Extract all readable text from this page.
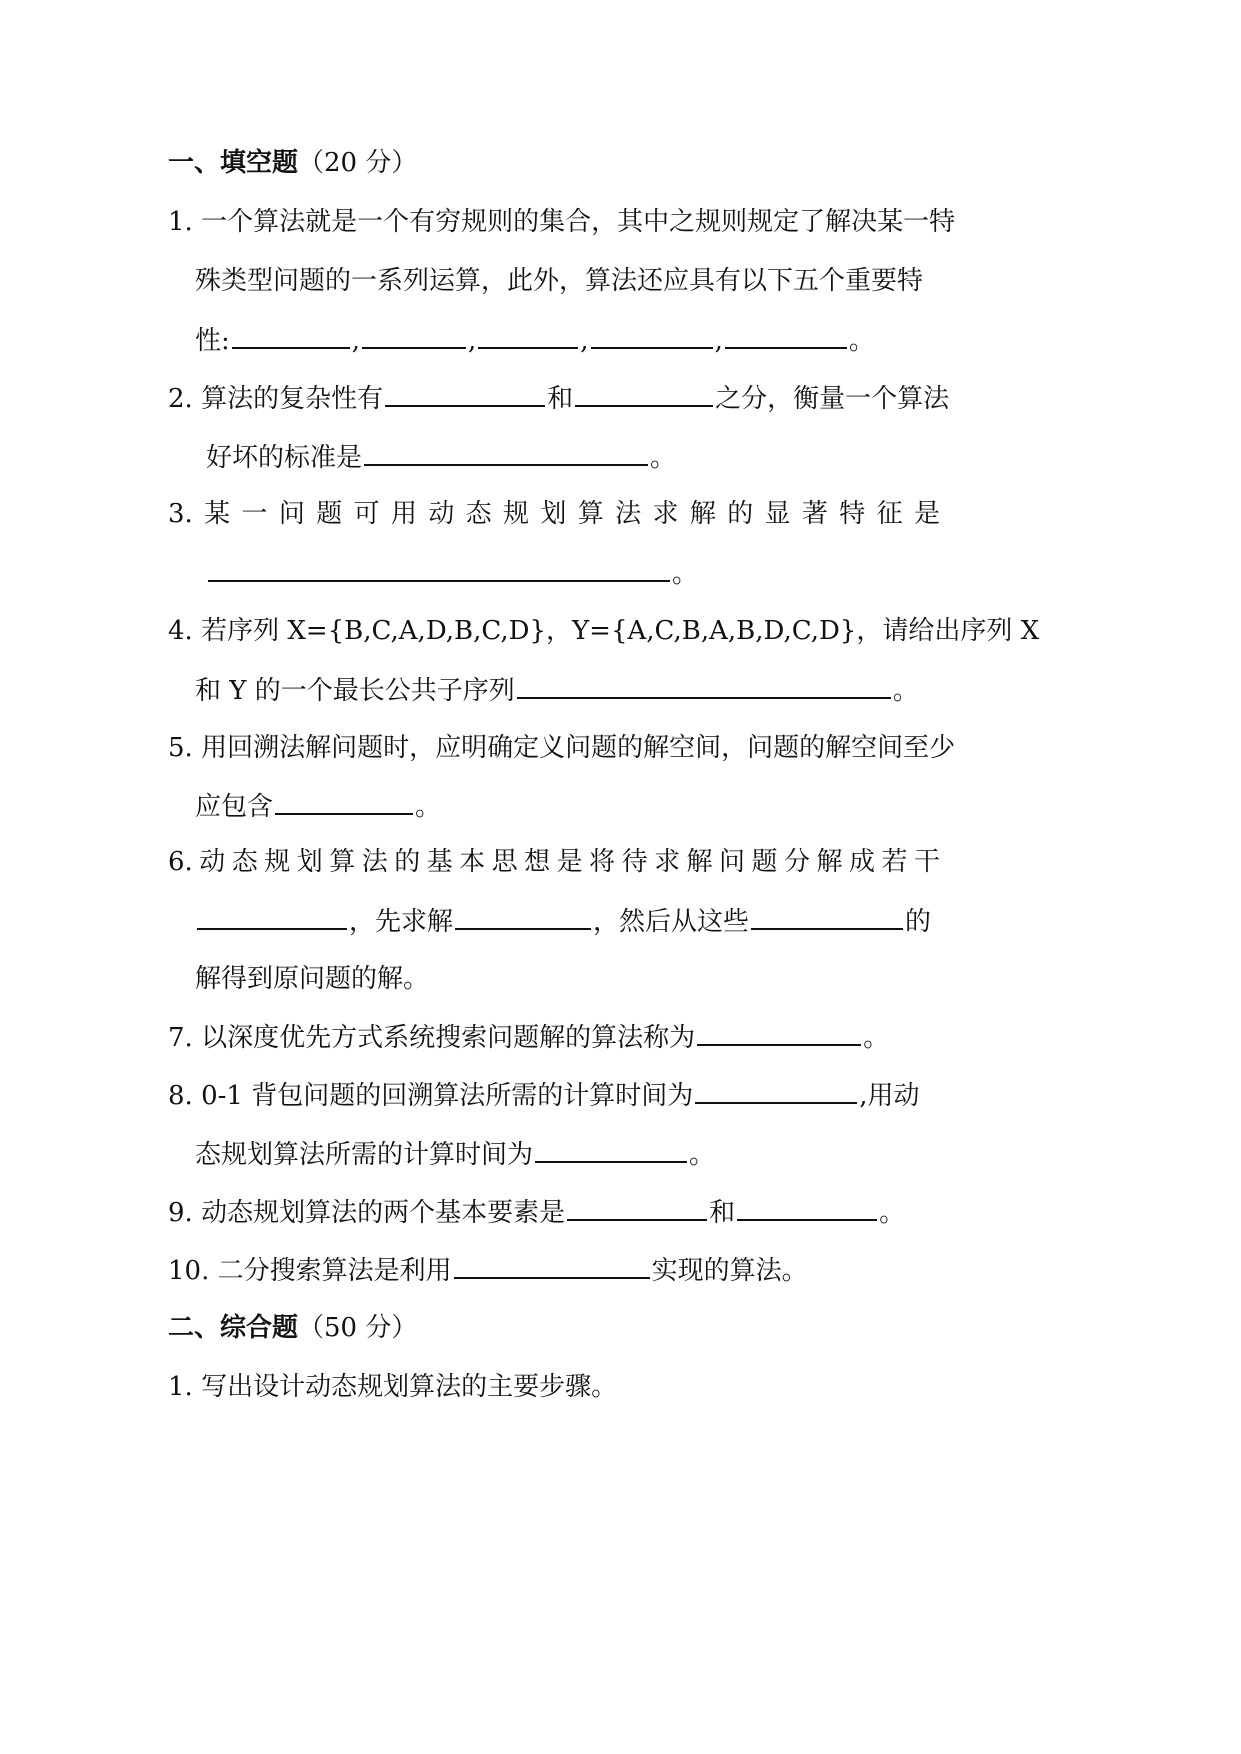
一、填空题（20 分）
1. 一个算法就是一个有穷规则的集合，其中之规则规定了解决某一特
殊类型问题的一系列运算，此外，算法还应具有以下五个重要特
性:	,	,	,	,	。
2. 算法的复杂性有	和	之分，衡量一个算法
好坏的标准是	。
3. 某 一 问 题 可 用 动 态 规 划 算 法 求 解 的 显 著 特 征 是
。
4. 若序列 X={B,C,A,D,B,C,D}，Y={A,C,B,A,B,D,C,D}，请给出序列 X
和 Y 的一个最长公共子序列	。
5. 用回溯法解问题时，应明确定义问题的解空间，问题的解空间至少
应包含	。
6. 动 态 规 划 算 法 的 基 本 思 想 是 将 待 求 解 问 题 分 解 成 若 干
，先求解	，然后从这些	的
解得到原问题的解。
7. 以深度优先方式系统搜索问题解的算法称为	。
8. 0-1 背包问题的回溯算法所需的计算时间为	,用动
态规划算法所需的计算时间为	。
9. 动态规划算法的两个基本要素是	和	。
10. 二分搜索算法是利用	实现的算法。
二、综合题（50 分）
1. 写出设计动态规划算法的主要步骤。
